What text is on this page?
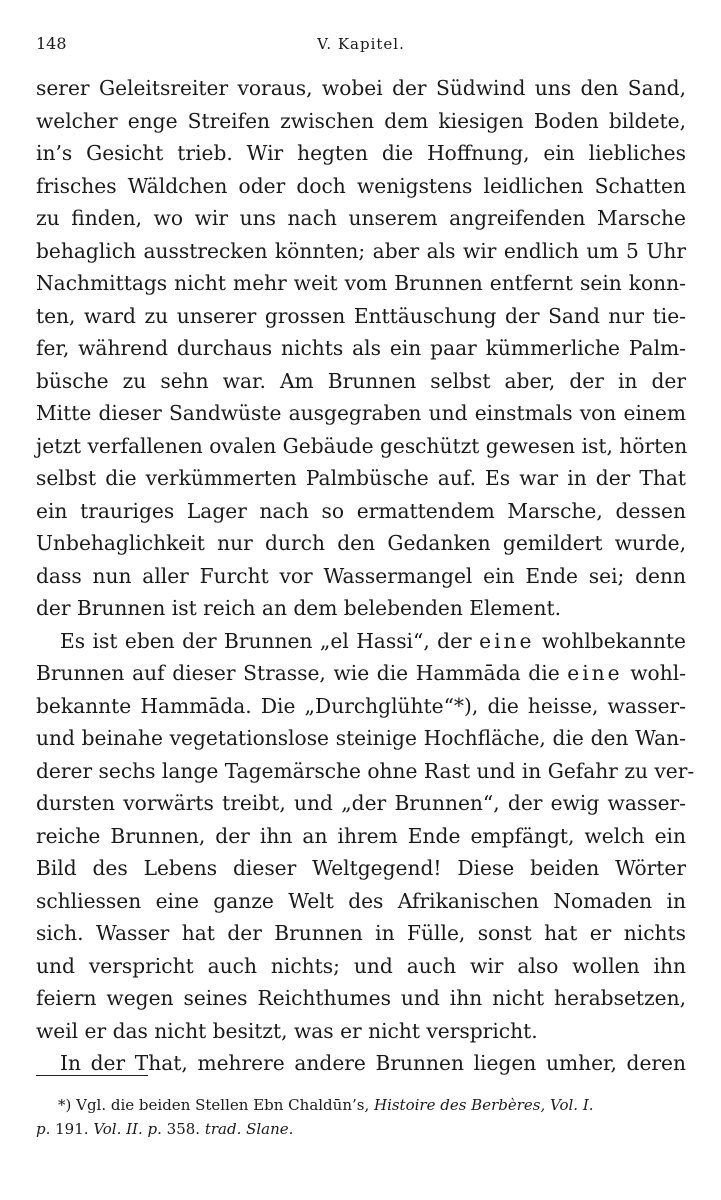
148	V. Kapitel.
serer Geleitsreiter voraus, wobei der Südwind uns den Sand,
welcher enge Streifen zwischen dem kiesigen Boden bildete,
in’s Gesicht trieb. Wir hegten die Hoffnung, ein liebliches
frisches Wäldchen oder doch wenigstens leidlichen Schatten
zu finden, wo wir uns nach unserem angreifenden Marsche
behaglich ausstrecken könnten; aber als wir endlich um 5 Uhr
Nachmittags nicht mehr weit vom Brunnen entfernt sein konn-
ten, ward zu unserer grossen Enttäuschung der Sand nur tie-
fer, während durchaus nichts als ein paar kümmerliche Palm-
büsche zu sehn war. Am Brunnen selbst aber, der in der
Mitte dieser Sandwüste ausgegraben und einstmals von einem
jetzt verfallenen ovalen Gebäude geschützt gewesen ist, hörten
selbst die verkümmerten Palmbüsche auf. Es war in der That
ein trauriges Lager nach so ermattendem Marsche, dessen
Unbehaglichkeit nur durch den Gedanken gemildert wurde,
dass nun aller Furcht vor Wassermangel ein Ende sei; denn
der Brunnen ist reich an dem belebenden Element.
Es ist eben der Brunnen „el Hassi“, der eine wohlbekannte
Brunnen auf dieser Strasse, wie die Hammāda die eine wohl-
bekannte Hammāda. Die „Durchglühte“*), die heisse, wasser-
und beinahe vegetationslose steinige Hochfläche, die den Wan-
derer sechs lange Tagemärsche ohne Rast und in Gefahr zu ver-
dursten vorwärts treibt, und „der Brunnen“, der ewig wasser-
reiche Brunnen, der ihn an ihrem Ende empfängt, welch ein
Bild des Lebens dieser Weltgegend! Diese beiden Wörter
schliessen eine ganze Welt des Afrikanischen Nomaden in
sich. Wasser hat der Brunnen in Fülle, sonst hat er nichts
und verspricht auch nichts; und auch wir also wollen ihn
feiern wegen seines Reichthumes und ihn nicht herabsetzen,
weil er das nicht besitzt, was er nicht verspricht.
In der That, mehrere andere Brunnen liegen umher, deren
*) Vgl. die beiden Stellen Ebn Chaldūn’s, Histoire des Berbères, Vol. I.
p. 191. Vol. II. p. 358. trad. Slane.
